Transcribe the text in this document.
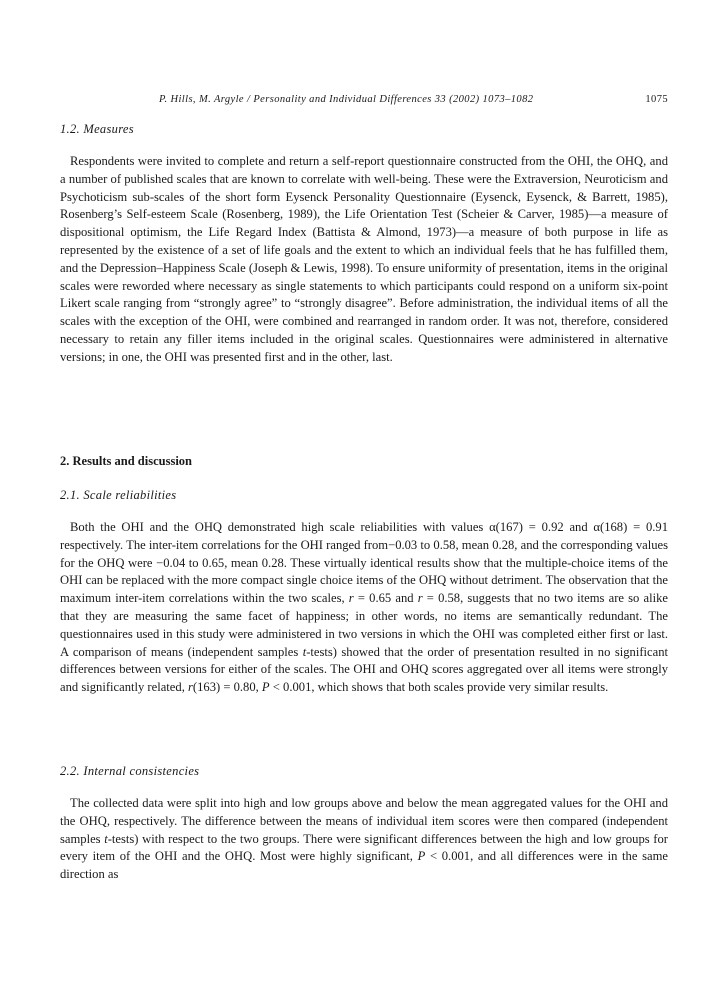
P. Hills, M. Argyle / Personality and Individual Differences 33 (2002) 1073–1082	1075
1.2. Measures

Respondents were invited to complete and return a self-report questionnaire constructed from the OHI, the OHQ, and a number of published scales that are known to correlate with well-being. These were the Extraversion, Neuroticism and Psychoticism sub-scales of the short form Eysenck Personality Questionnaire (Eysenck, Eysenck, & Barrett, 1985), Rosenberg’s Self-esteem Scale (Rosenberg, 1989), the Life Orientation Test (Scheier & Carver, 1985)—a measure of dispositional optimism, the Life Regard Index (Battista & Almond, 1973)—a measure of both purpose in life as represented by the existence of a set of life goals and the extent to which an individual feels that he has fulfilled them, and the Depression–Happiness Scale (Joseph & Lewis, 1998). To ensure uniformity of presentation, items in the original scales were reworded where necessary as single statements to which participants could respond on a uniform six-point Likert scale ranging from “strongly agree” to “strongly disagree”. Before administration, the individual items of all the scales with the exception of the OHI, were combined and rearranged in random order. It was not, therefore, considered necessary to retain any filler items included in the original scales. Questionnaires were administered in alternative versions; in one, the OHI was presented first and in the other, last.

2. Results and discussion
2.1. Scale reliabilities

Both the OHI and the OHQ demonstrated high scale reliabilities with values α(167) = 0.92 and α(168) = 0.91 respectively. The inter-item correlations for the OHI ranged from−0.03 to 0.58, mean 0.28, and the corresponding values for the OHQ were −0.04 to 0.65, mean 0.28. These virtually identical results show that the multiple-choice items of the OHI can be replaced with the more compact single choice items of the OHQ without detriment. The observation that the maximum inter-item correlations within the two scales, r = 0.65 and r = 0.58, suggests that no two items are so alike that they are measuring the same facet of happiness; in other words, no items are semantically redundant. The questionnaires used in this study were administered in two versions in which the OHI was completed either first or last. A comparison of means (independent samples t-tests) showed that the order of presentation resulted in no significant differences between versions for either of the scales. The OHI and OHQ scores aggregated over all items were strongly and significantly related, r(163) = 0.80, P < 0.001, which shows that both scales provide very similar results.

2.2. Internal consistencies

The collected data were split into high and low groups above and below the mean aggregated values for the OHI and the OHQ, respectively. The difference between the means of individual item scores were then compared (independent samples t-tests) with respect to the two groups. There were significant differences between the high and low groups for every item of the OHI and the OHQ. Most were highly significant, P < 0.001, and all differences were in the same direction as
